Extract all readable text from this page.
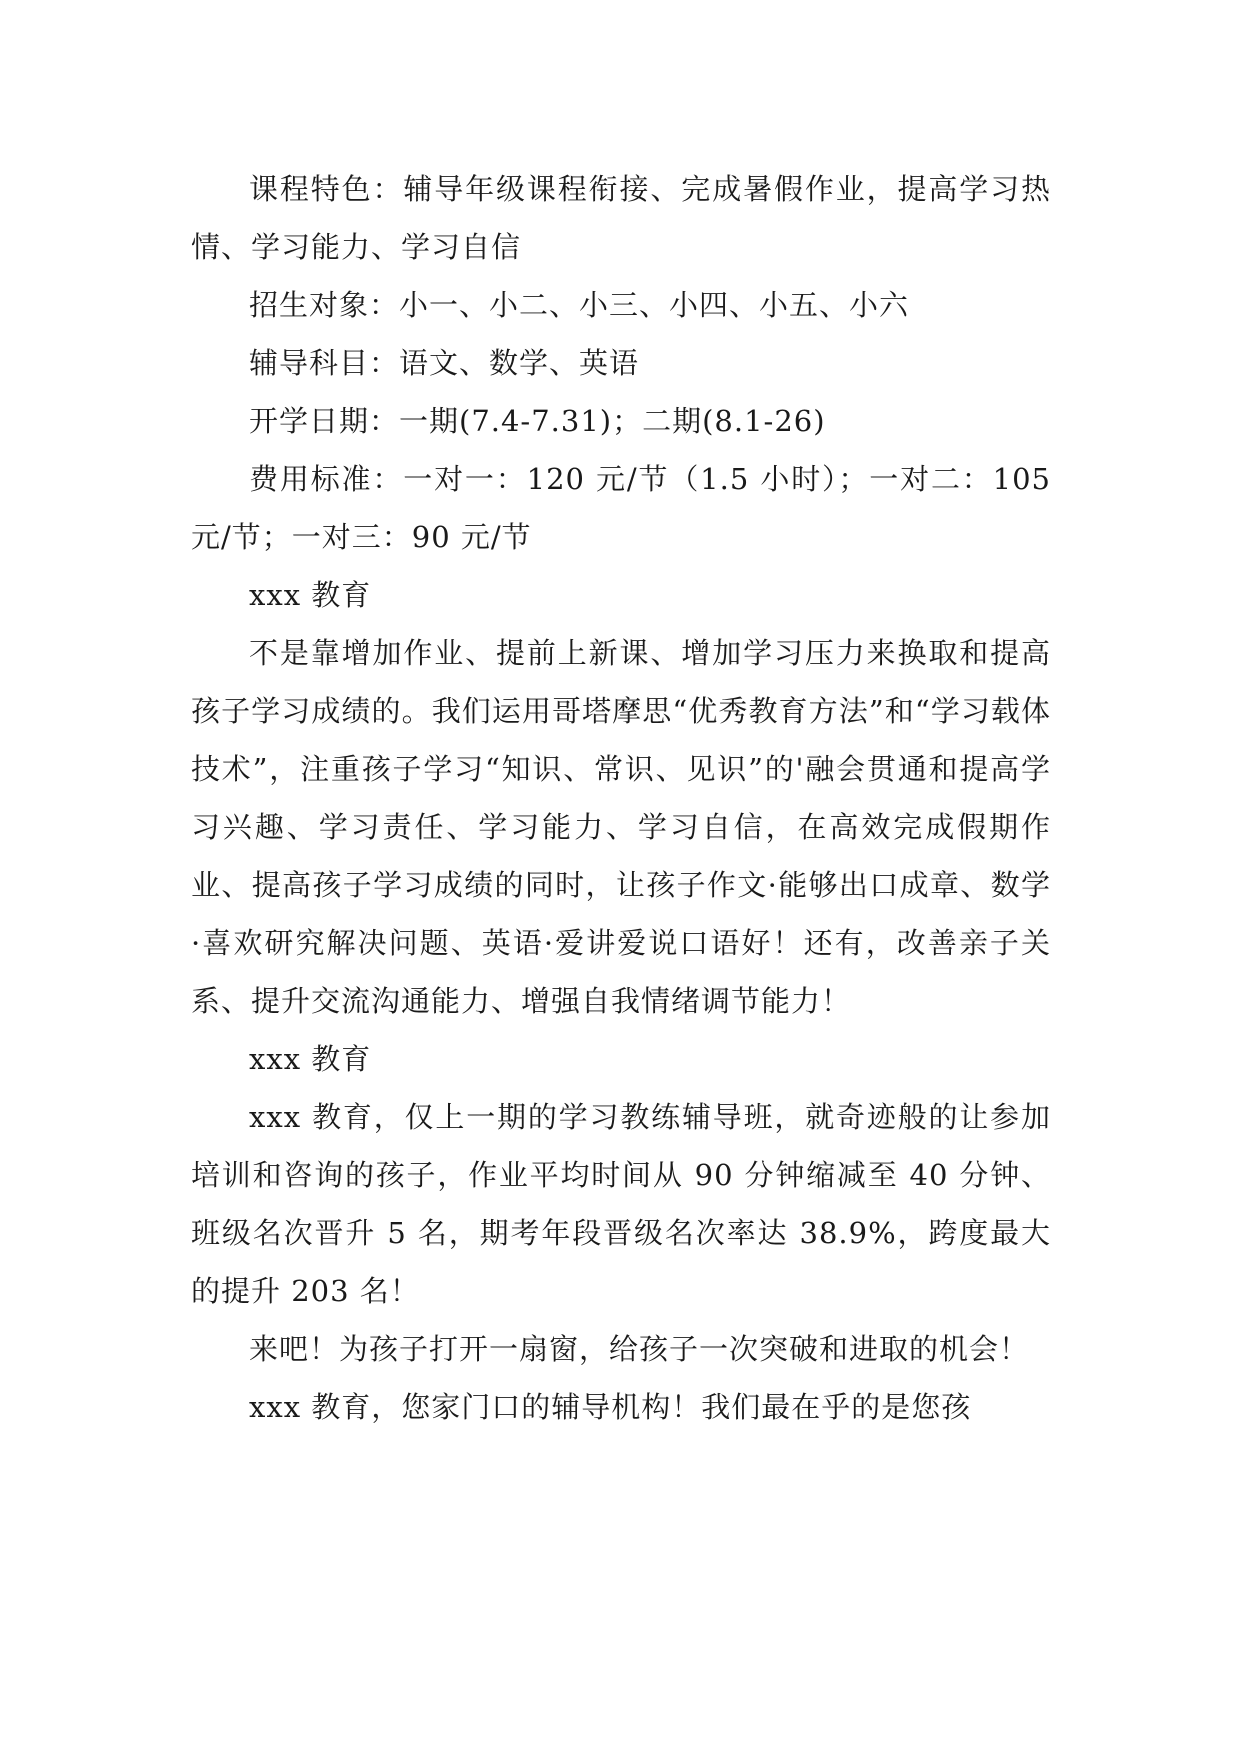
课程特色：辅导年级课程衔接、完成暑假作业，提高学习热情、学习能力、学习自信

招生对象：小一、小二、小三、小四、小五、小六

辅导科目：语文、数学、英语

开学日期：一期(7.4-7.31)；二期(8.1-26)

费用标准：一对一：120 元/节（1.5 小时）；一对二：105 元/节；一对三：90 元/节

xxx 教育

不是靠增加作业、提前上新课、增加学习压力来换取和提高孩子学习成绩的。我们运用哥塔摩思“优秀教育方法”和“学习载体技术”，注重孩子学习“知识、常识、见识”的'融会贯通和提高学习兴趣、学习责任、学习能力、学习自信，在高效完成假期作业、提高孩子学习成绩的同时，让孩子作文·能够出口成章、数学·喜欢研究解决问题、英语·爱讲爱说口语好！还有，改善亲子关系、提升交流沟通能力、增强自我情绪调节能力！

xxx 教育

xxx 教育，仅上一期的学习教练辅导班，就奇迹般的让参加培训和咨询的孩子，作业平均时间从 90 分钟缩减至 40 分钟、班级名次晋升 5 名，期考年段晋级名次率达 38.9%，跨度最大的提升 203 名！

来吧！为孩子打开一扇窗，给孩子一次突破和进取的机会！

xxx 教育，您家门口的辅导机构！我们最在乎的是您孩
